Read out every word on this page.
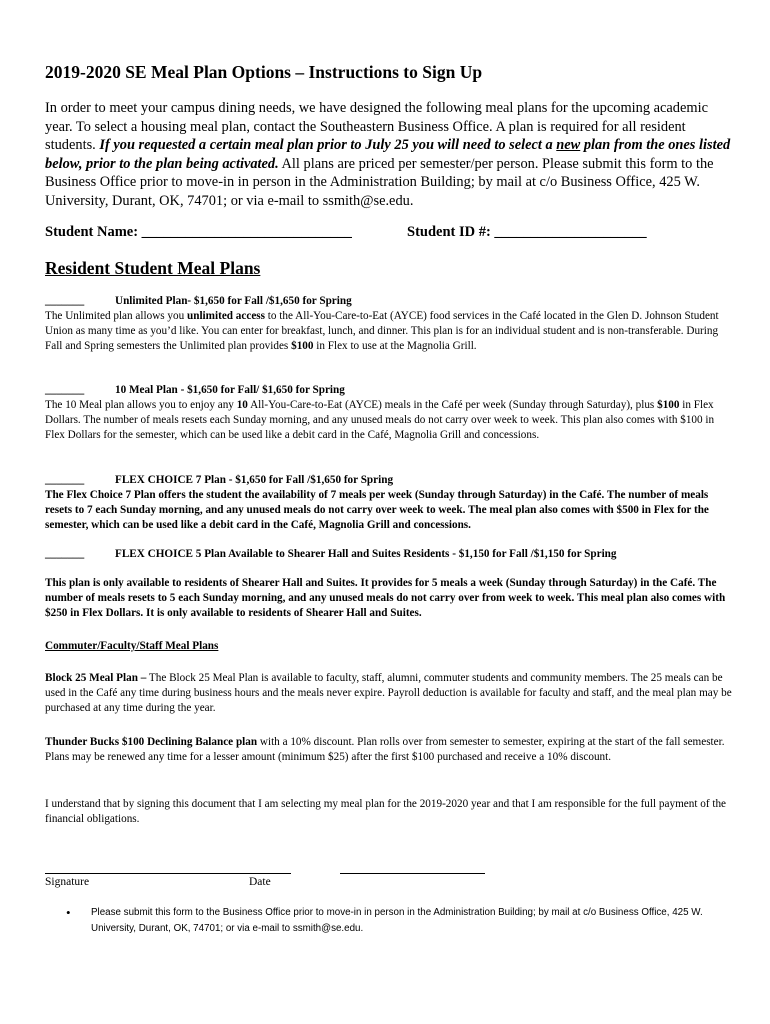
2019-2020 SE Meal Plan Options – Instructions to Sign Up

In order to meet your campus dining needs, we have designed the following meal plans for the upcoming academic year. To select a housing meal plan, contact the Southeastern Business Office. A plan is required for all resident students. If you requested a certain meal plan prior to July 25 you will need to select a new plan from the ones listed below, prior to the plan being activated. All plans are priced per semester/per person. Please submit this form to the Business Office prior to move-in in person in the Administration Building; by mail at c/o Business Office, 425 W. University, Durant, OK, 74701; or via e-mail to ssmith@se.edu.

Student Name: _____________________________	Student ID #: _____________________
Resident Student Meal Plans
_______	Unlimited Plan- $1,650 for Fall /$1,650 for Spring
The Unlimited plan allows you unlimited access to the All-You-Care-to-Eat (AYCE) food services in the Café located in the Glen D. Johnson Student Union as many time as you’d like. You can enter for breakfast, lunch, and dinner. This plan is for an individual student and is non-transferable. During Fall and Spring semesters the Unlimited plan provides $100 in Flex to use at the Magnolia Grill.
_______	10 Meal Plan - $1,650 for Fall/ $1,650 for Spring
The 10 Meal plan allows you to enjoy any 10 All-You-Care-to-Eat (AYCE) meals in the Café per week (Sunday through Saturday), plus $100 in Flex Dollars. The number of meals resets each Sunday morning, and any unused meals do not carry over week to week. This plan also comes with $100 in Flex Dollars for the semester, which can be used like a debit card in the Café, Magnolia Grill and concessions.
_______	FLEX CHOICE 7 Plan - $1,650 for Fall /$1,650 for Spring
The Flex Choice 7 Plan offers the student the availability of 7 meals per week (Sunday through Saturday) in the Café. The number of meals resets to 7 each Sunday morning, and any unused meals do not carry over week to week. The meal plan also comes with $500 in Flex for the semester, which can be used like a debit card in the Café, Magnolia Grill and concessions.
_______	FLEX CHOICE 5 Plan Available to Shearer Hall and Suites Residents - $1,150 for Fall /$1,150 for Spring
This plan is only available to residents of Shearer Hall and Suites. It provides for 5 meals a week (Sunday through Saturday) in the Café. The number of meals resets to 5 each Sunday morning, and any unused meals do not carry over from week to week. This meal plan also comes with $250 in Flex Dollars. It is only available to residents of Shearer Hall and Suites.
Commuter/Faculty/Staff Meal Plans

Block 25 Meal Plan – The Block 25 Meal Plan is available to faculty, staff, alumni, commuter students and community members. The 25 meals can be used in the Café any time during business hours and the meals never expire. Payroll deduction is available for faculty and staff, and the meal plan may be purchased at any time during the year.

Thunder Bucks $100 Declining Balance plan with a 10% discount. Plan rolls over from semester to semester, expiring at the start of the fall semester. Plans may be renewed any time for a lesser amount (minimum $25) after the first $100 purchased and receive a 10% discount.

I understand that by signing this document that I am selecting my meal plan for the 2019-2020 year and that I am responsible for the full payment of the financial obligations.

Signature	Date
• Please submit this form to the Business Office prior to move-in in person in the Administration Building; by mail at c/o Business Office, 425 W. University, Durant, OK, 74701; or via e-mail to ssmith@se.edu.
